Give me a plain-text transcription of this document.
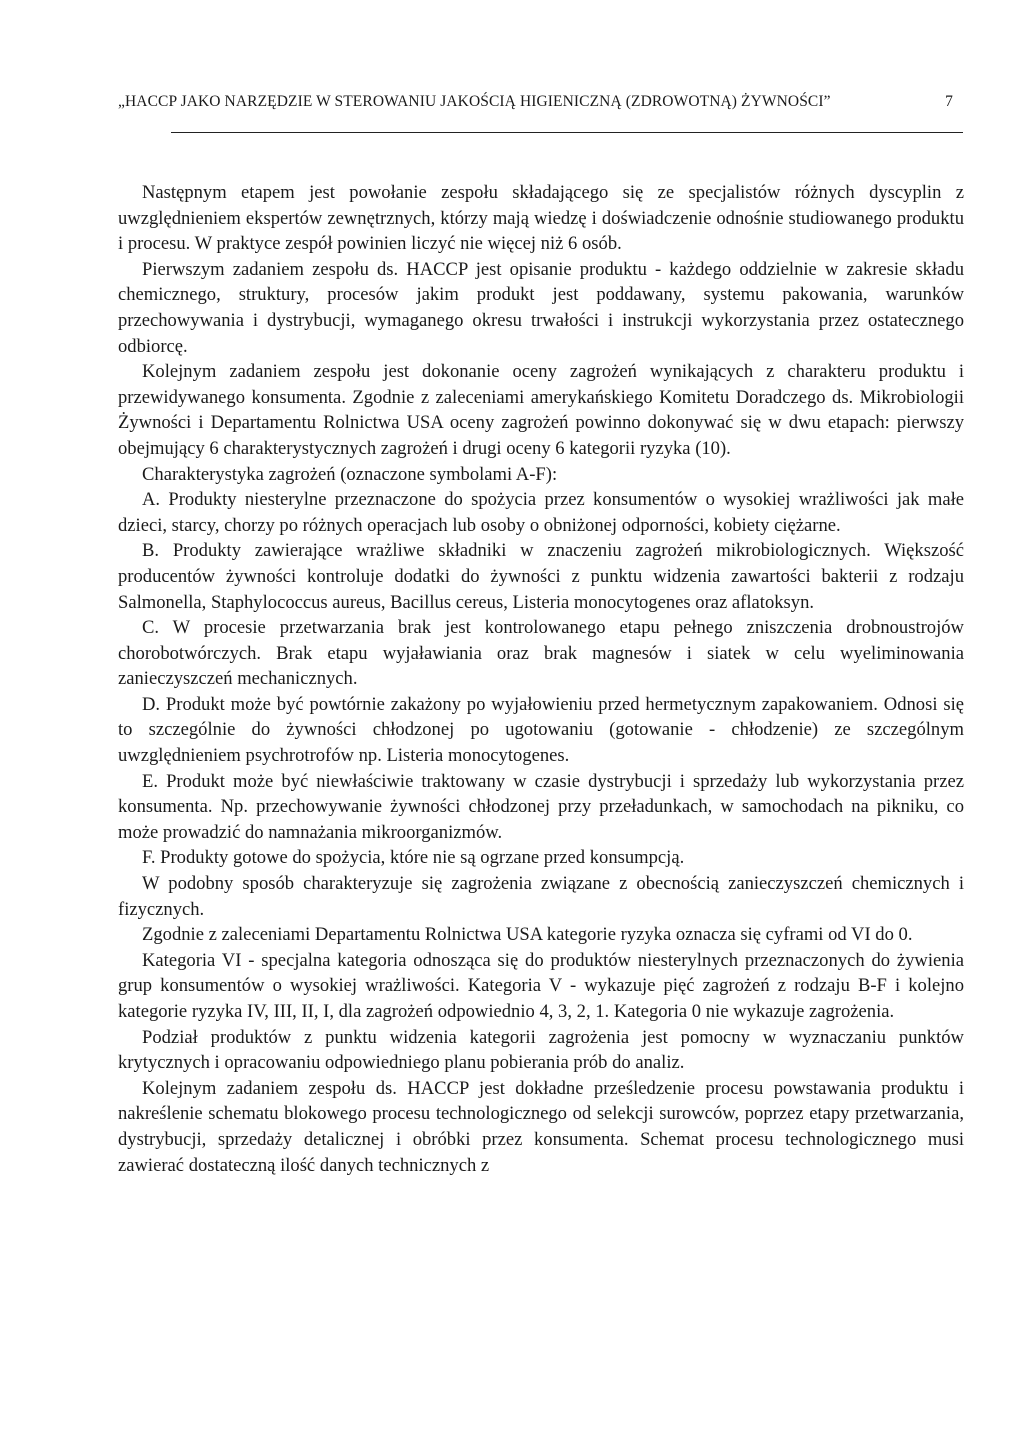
„HACCP JAKO NARZĘDZIE W STEROWANIU JAKOŚCIĄ HIGIENICZNĄ (ZDROWOTNĄ) ŻYWNOŚCI”	7

Następnym etapem jest powołanie zespołu składającego się ze specjalistów różnych dyscyplin z uwzględnieniem ekspertów zewnętrznych, którzy mają wiedzę i doświadczenie odnośnie studiowanego produktu i procesu. W praktyce zespół powinien liczyć nie więcej niż 6 osób.

Pierwszym zadaniem zespołu ds. HACCP jest opisanie produktu - każdego oddzielnie w zakresie składu chemicznego, struktury, procesów jakim produkt jest poddawany, systemu pakowania, warunków przechowywania i dystrybucji, wymaganego okresu trwałości i instrukcji wykorzystania przez ostatecznego odbiorcę.

Kolejnym zadaniem zespołu jest dokonanie oceny zagrożeń wynikających z charakteru produktu i przewidywanego konsumenta. Zgodnie z zaleceniami amerykańskiego Komitetu Doradczego ds. Mikrobiologii Żywności i Departamentu Rolnictwa USA oceny zagrożeń powinno dokonywać się w dwu etapach: pierwszy obejmujący 6 charakterystycznych zagrożeń i drugi oceny 6 kategorii ryzyka (10).

Charakterystyka zagrożeń (oznaczone symbolami A-F):

A. Produkty niesterylne przeznaczone do spożycia przez konsumentów o wysokiej wrażliwości jak małe dzieci, starcy, chorzy po różnych operacjach lub osoby o obniżonej odporności, kobiety ciężarne.

B. Produkty zawierające wrażliwe składniki w znaczeniu zagrożeń mikrobiologicznych. Większość producentów żywności kontroluje dodatki do żywności z punktu widzenia zawartości bakterii z rodzaju Salmonella, Staphylococcus aureus, Bacillus cereus, Listeria monocytogenes oraz aflatoksyn.

C. W procesie przetwarzania brak jest kontrolowanego etapu pełnego zniszczenia drobnoustrojów chorobotwórczych. Brak etapu wyjaławiania oraz brak magnesów i siatek w celu wyeliminowania zanieczyszczeń mechanicznych.

D. Produkt może być powtórnie zakażony po wyjałowieniu przed hermetycznym zapakowaniem. Odnosi się to szczególnie do żywności chłodzonej po ugotowaniu (gotowanie - chłodzenie) ze szczególnym uwzględnieniem psychrotrofów np. Listeria monocytogenes.

E. Produkt może być niewłaściwie traktowany w czasie dystrybucji i sprzedaży lub wykorzystania przez konsumenta. Np. przechowywanie żywności chłodzonej przy przeładunkach, w samochodach na pikniku, co może prowadzić do namnażania mikroorganizmów.

F. Produkty gotowe do spożycia, które nie są ogrzane przed konsumpcją.

W podobny sposób charakteryzuje się zagrożenia związane z obecnością zanieczyszczeń chemicznych i fizycznych.

Zgodnie z zaleceniami Departamentu Rolnictwa USA kategorie ryzyka oznacza się cyframi od VI do 0.

Kategoria VI - specjalna kategoria odnosząca się do produktów niesterylnych przeznaczonych do żywienia grup konsumentów o wysokiej wrażliwości. Kategoria V - wykazuje pięć zagrożeń z rodzaju B-F i kolejno kategorie ryzyka IV, III, II, I, dla zagrożeń odpowiednio 4, 3, 2, 1. Kategoria 0 nie wykazuje zagrożenia.

Podział produktów z punktu widzenia kategorii zagrożenia jest pomocny w wyznaczaniu punktów krytycznych i opracowaniu odpowiedniego planu pobierania prób do analiz.

Kolejnym zadaniem zespołu ds. HACCP jest dokładne prześledzenie procesu powstawania produktu i nakreślenie schematu blokowego procesu technologicznego od selekcji surowców, poprzez etapy przetwarzania, dystrybucji, sprzedaży detalicznej i obróbki przez konsumenta. Schemat procesu technologicznego musi zawierać dostateczną ilość danych technicznych z
